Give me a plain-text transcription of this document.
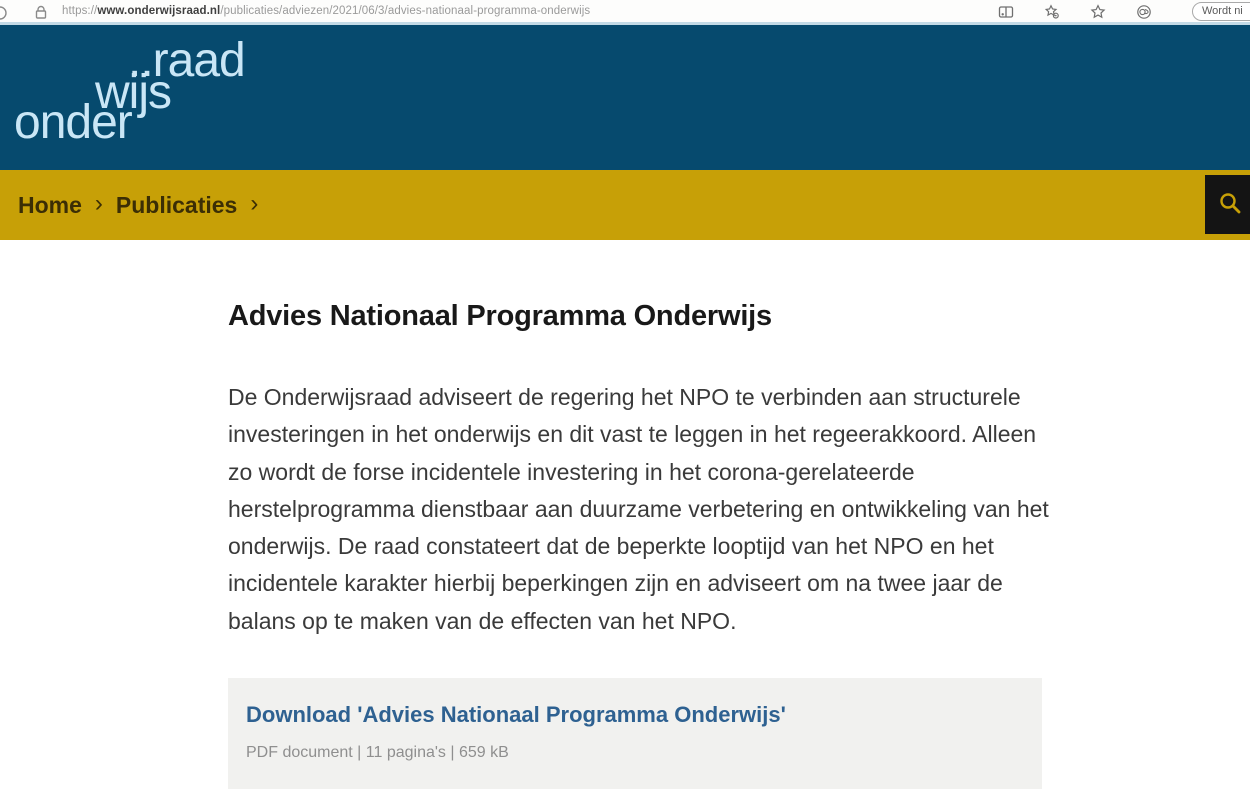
https://www.onderwijsraad.nl/publicaties/adviezen/2021/06/3/advies-nationaal-programma-onderwijs	Wordt ni
..raad
wijs
onder
Home › Publicaties ›
Advies Nationaal Programma Onderwijs

De Onderwijsraad adviseert de regering het NPO te verbinden aan structurele investeringen in het onderwijs en dit vast te leggen in het regeerakkoord. Alleen zo wordt de forse incidentele investering in het corona-gerelateerde herstelprogramma dienstbaar aan duurzame verbetering en ontwikkeling van het onderwijs. De raad constateert dat de beperkte looptijd van het NPO en het incidentele karakter hierbij beperkingen zijn en adviseert om na twee jaar de balans op te maken van de effecten van het NPO.

Download 'Advies Nationaal Programma Onderwijs'
PDF document | 11 pagina's | 659 kB
